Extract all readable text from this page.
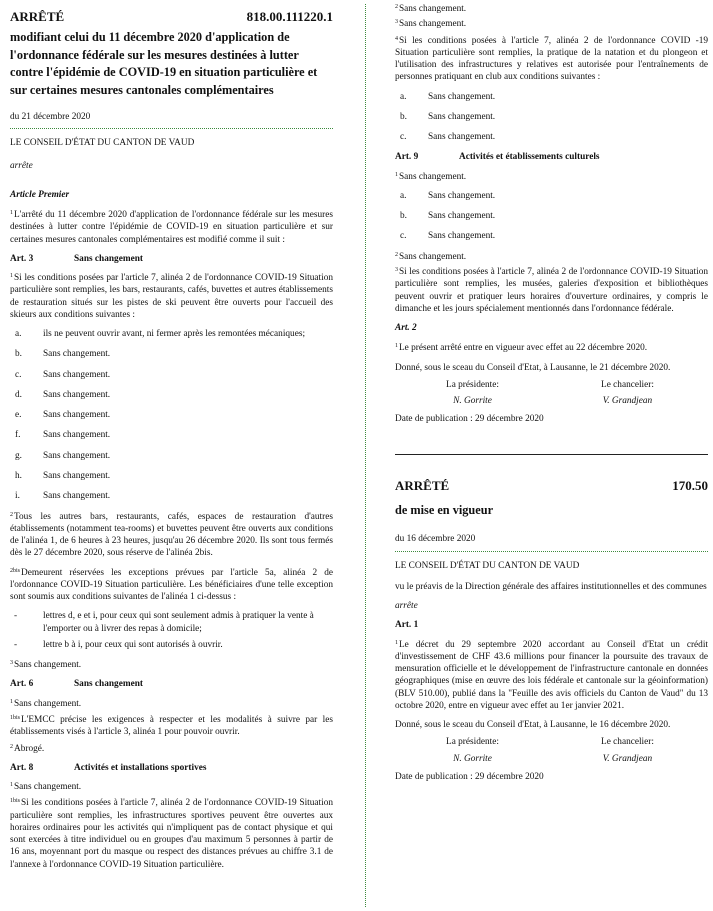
ARRÊTÉ	818.00.111220.1
modifiant celui du 11 décembre 2020 d'application de l'ordonnance fédérale sur les mesures destinées à lutter contre l'épidémie de COVID-19 en situation particulière et sur certaines mesures cantonales complémentaires
du 21 décembre 2020
LE CONSEIL D'ÉTAT DU CANTON DE VAUD
arrête
Article Premier
$^1$L'arrêté du 11 décembre 2020 d'application de l'ordonnance fédérale sur les mesures destinées à lutter contre l'épidémie de COVID-19 en situation particulière et sur certaines mesures cantonales complémentaires est modifié comme il suit :
Art. 3	Sans changement
$^1$Si les conditions posées par l'article 7, alinéa 2 de l'ordonnance COVID-19 Situation particulière sont remplies, les bars, restaurants, cafés, buvettes et autres établissements de restauration situés sur les pistes de ski peuvent être ouverts pour l'accueil des skieurs aux conditions suivantes :
a.	ils ne peuvent ouvrir avant, ni fermer après les remontées mécaniques;
b.	Sans changement.
c.	Sans changement.
d.	Sans changement.
e.	Sans changement.
f.	Sans changement.
g.	Sans changement.
h.	Sans changement.
i.	Sans changement.
$^2$Tous les autres bars, restaurants, cafés, espaces de restauration d'autres établissements (notamment tea-rooms) et buvettes peuvent être ouverts aux conditions de l'alinéa 1, de 6 heures à 23 heures, jusqu'au 26 décembre 2020. Ils sont tous fermés dès le 27 décembre 2020, sous réserve de l'alinéa 2bis.
$^{2bis}$Demeurent réservées les exceptions prévues par l'article 5a, alinéa 2 de l'ordonnance COVID-19 Situation particulière. Les bénéficiaires d'une telle exception sont soumis aux conditions suivantes de l'alinéa 1 ci-dessus :
-	lettres d, e et i, pour ceux qui sont seulement admis à pratiquer la vente à l'emporter ou à livrer des repas à domicile;
-	lettre b à i, pour ceux qui sont autorisés à ouvrir.
$^3$Sans changement.
Art. 6	Sans changement
$^1$Sans changement.
$^{1bis}$L'EMCC précise les exigences à respecter et les modalités à suivre par les établissements visés à l'article 3, alinéa 1 pour pouvoir ouvrir.
$^2$Abrogé.
Art. 8	Activités et installations sportives
$^1$Sans changement.
$^{1bis}$Si les conditions posées à l'article 7, alinéa 2 de l'ordonnance COVID-19 Situation particulière sont remplies, les infrastructures sportives peuvent être ouvertes aux horaires ordinaires pour les activités qui n'impliquent pas de contact physique et qui sont exercées à titre individuel ou en groupes d'au maximum 5 personnes à partir de 16 ans, moyennant port du masque ou respect des distances prévues au chiffre 3.1 de l'annexe à l'ordonnance COVID-19 Situation particulière.
$^2$Sans changement.
$^3$Sans changement.
$^4$Si les conditions posées à l'article 7, alinéa 2 de l'ordonnance COVID -19 Situation particulière sont remplies, la pratique de la natation et du plongeon et l'utilisation des infrastructures y relatives est autorisée pour l'entraînements de personnes pratiquant en club aux conditions suivantes :
a.	Sans changement.
b.	Sans changement.
c.	Sans changement.
Art. 9	Activités et établissements culturels
$^1$Sans changement.
a.	Sans changement.
b.	Sans changement.
c.	Sans changement.
$^2$Sans changement.
$^3$Si les conditions posées à l'article 7, alinéa 2 de l'ordonnance COVID-19 Situation particulière sont remplies, les musées, galeries d'exposition et bibliothèques peuvent ouvrir et pratiquer leurs horaires d'ouverture ordinaires, y compris le dimanche et les jours spécialement mentionnés dans l'ordonnance fédérale.
Art. 2
$^1$Le présent arrêté entre en vigueur avec effet au 22 décembre 2020.
Donné, sous le sceau du Conseil d'Etat, à Lausanne, le 21 décembre 2020.
La présidente:
N. Gorrite
Le chancelier:
V. Grandjean
Date de publication : 29 décembre 2020
ARRÊTÉ	170.50
de mise en vigueur
du 16 décembre 2020
LE CONSEIL D'ÉTAT DU CANTON DE VAUD
vu le préavis de la Direction générale des affaires institutionnelles et des communes
arrête
Art. 1
$^1$Le décret du 29 septembre 2020 accordant au Conseil d'Etat un crédit d'investissement de CHF 43.6 millions pour financer la poursuite des travaux de mensuration officielle et le développement de l'infrastructure cantonale en données géographiques (mise en œuvre des lois fédérale et cantonale sur la géoinformation) (BLV 510.00), publié dans la "Feuille des avis officiels du Canton de Vaud" du 13 octobre 2020, entre en vigueur avec effet au 1er janvier 2021.
Donné, sous le sceau du Conseil d'Etat, à Lausanne, le 16 décembre 2020.
La présidente:
N. Gorrite
Le chancelier:
V. Grandjean
Date de publication : 29 décembre 2020
